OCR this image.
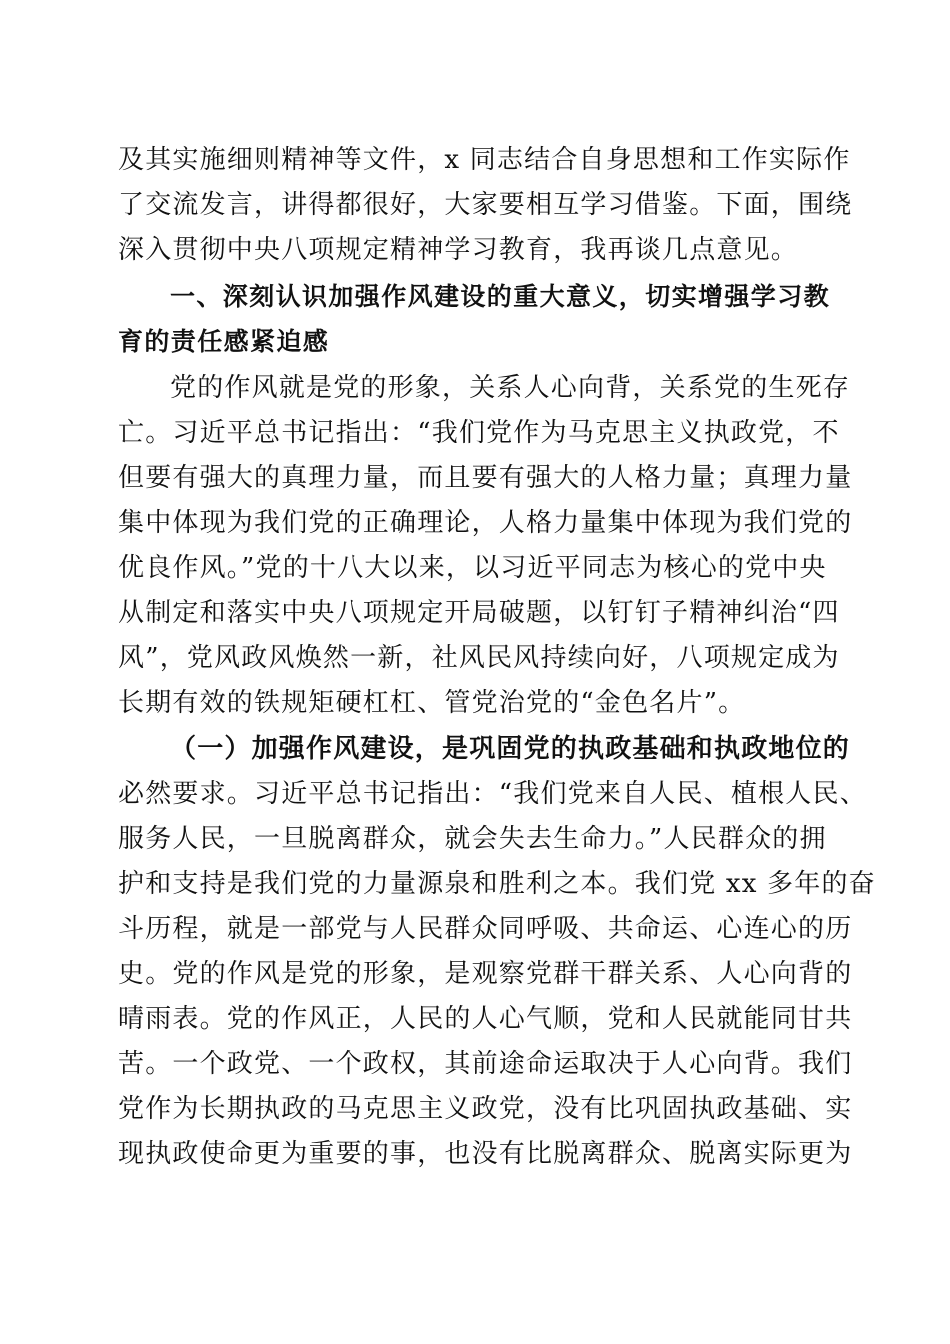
及其实施细则精神等文件，x 同志结合自身思想和工作实际作
了交流发言，讲得都很好，大家要相互学习借鉴。下面，围绕
深入贯彻中央八项规定精神学习教育，我再谈几点意见。
一、深刻认识加强作风建设的重大意义，切实增强学习教
育的责任感紧迫感
党的作风就是党的形象，关系人心向背，关系党的生死存
亡。习近平总书记指出：“我们党作为马克思主义执政党，不
但要有强大的真理力量，而且要有强大的人格力量；真理力量
集中体现为我们党的正确理论，人格力量集中体现为我们党的
优良作风。”党的十八大以来，以习近平同志为核心的党中央
从制定和落实中央八项规定开局破题，以钉钉子精神纠治“四
风”，党风政风焕然一新，社风民风持续向好，八项规定成为
长期有效的铁规矩硬杠杠、管党治党的“金色名片”。
（一）加强作风建设，是巩固党的执政基础和执政地位的
必然要求。习近平总书记指出：“我们党来自人民、植根人民、
服务人民，一旦脱离群众，就会失去生命力。”人民群众的拥
护和支持是我们党的力量源泉和胜利之本。我们党 xx 多年的奋
斗历程，就是一部党与人民群众同呼吸、共命运、心连心的历
史。党的作风是党的形象，是观察党群干群关系、人心向背的
晴雨表。党的作风正，人民的人心气顺，党和人民就能同甘共
苦。一个政党、一个政权，其前途命运取决于人心向背。我们
党作为长期执政的马克思主义政党，没有比巩固执政基础、实
现执政使命更为重要的事，也没有比脱离群众、脱离实际更为
